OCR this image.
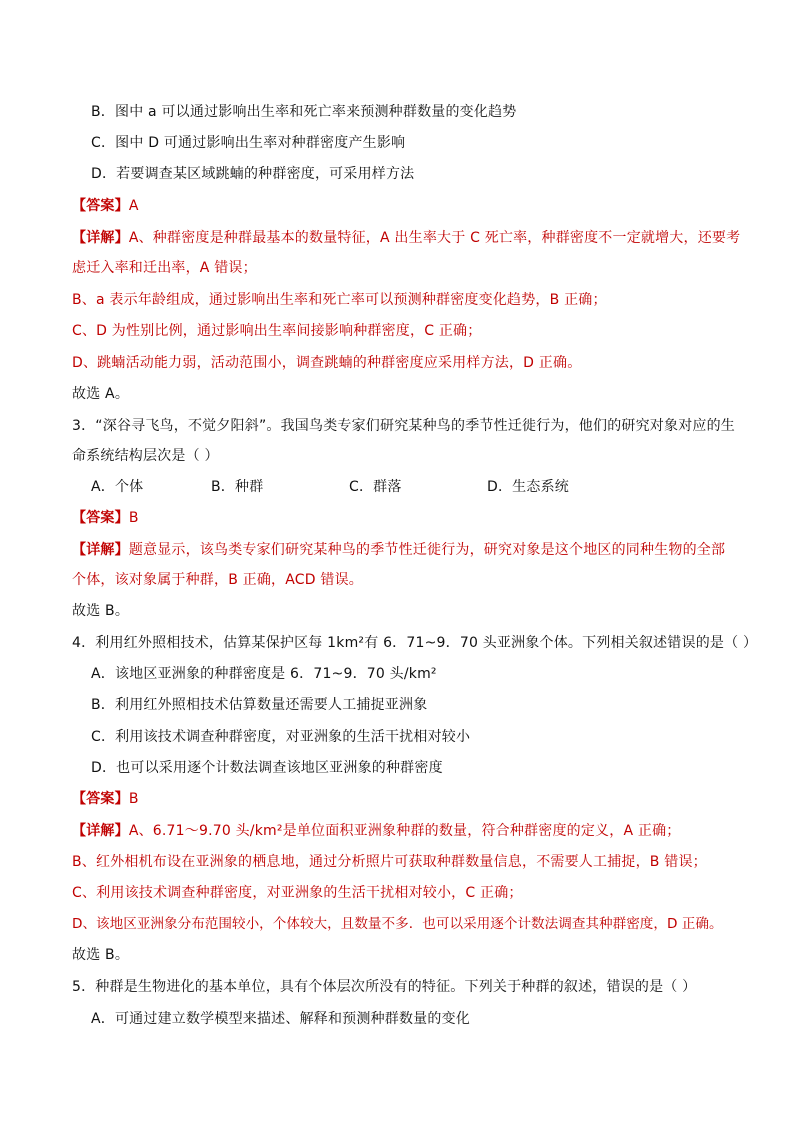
B．图中 a 可以通过影响出生率和死亡率来预测种群数量的变化趋势
C．图中 D 可通过影响出生率对种群密度产生影响
D．若要调查某区域跳蝻的种群密度，可采用样方法
【答案】A
【详解】A、种群密度是种群最基本的数量特征，A 出生率大于 C 死亡率，种群密度不一定就增大，还要考
虑迁入率和迁出率，A 错误；
B、a 表示年龄组成，通过影响出生率和死亡率可以预测种群密度变化趋势，B 正确；
C、D 为性别比例，通过影响出生率间接影响种群密度，C 正确；
D、跳蝻活动能力弱，活动范围小，调查跳蝻的种群密度应采用样方法，D 正确。
故选 A。
3．“深谷寻飞鸟，不觉夕阳斜”。我国鸟类专家们研究某种鸟的季节性迁徙行为，他们的研究对象对应的生
命系统结构层次是（ ）
A．个体	B．种群	C．群落	D．生态系统
【答案】B
【详解】题意显示，该鸟类专家们研究某种鸟的季节性迁徙行为，研究对象是这个地区的同种生物的全部
个体，该对象属于种群，B 正确，ACD 错误。
故选 B。
4．利用红外照相技术，估算某保护区每 1km²有 6．71~9．70 头亚洲象个体。下列相关叙述错误的是（ ）
A．该地区亚洲象的种群密度是 6．71~9．70 头/km²
B．利用红外照相技术估算数量还需要人工捕捉亚洲象
C．利用该技术调查种群密度，对亚洲象的生活干扰相对较小
D．也可以采用逐个计数法调查该地区亚洲象的种群密度
【答案】B
【详解】A、6.71～9.70 头/km²是单位面积亚洲象种群的数量，符合种群密度的定义，A 正确；
B、红外相机布设在亚洲象的栖息地，通过分析照片可获取种群数量信息，不需要人工捕捉，B 错误；
C、利用该技术调查种群密度，对亚洲象的生活干扰相对较小，C 正确；
D、该地区亚洲象分布范围较小，个体较大，且数量不多．也可以采用逐个计数法调查其种群密度，D 正确。
故选 B。
5．种群是生物进化的基本单位，具有个体层次所没有的特征。下列关于种群的叙述，错误的是（ ）
A．可通过建立数学模型来描述、解释和预测种群数量的变化
